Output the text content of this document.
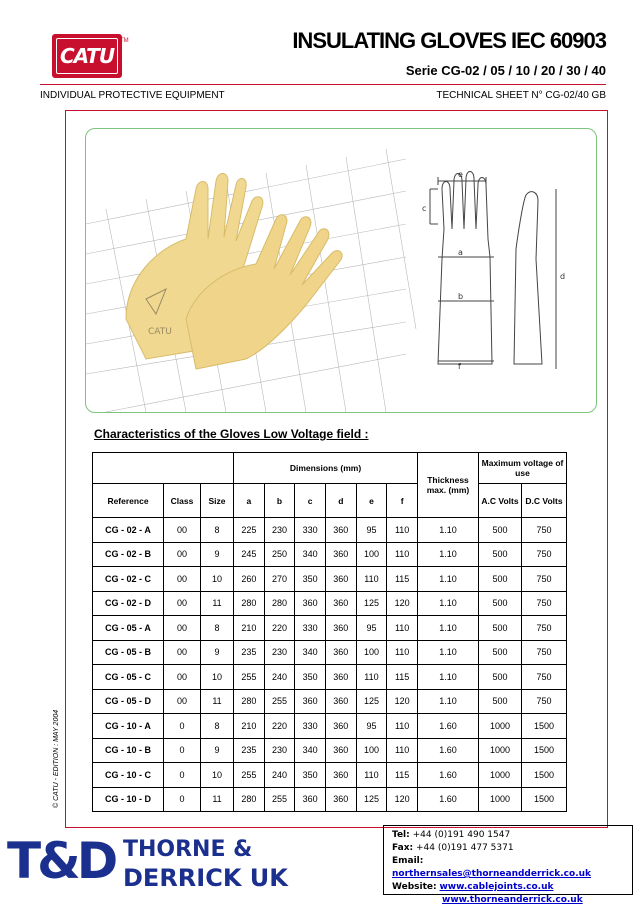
CATU
TM	INSULATING GLOVES IEC 60903
Serie CG-02 / 05 / 10 / 20 / 30 / 40
INDIVIDUAL PROTECTIVE EQUIPMENT	TECHNICAL SHEET N° CG-02/40 GB
© CATU - EDITION : MAY 2004
CATU
e
c
a
b
f
d
Characteristics of the Gloves Low Voltage field :
			Dimensions (mm)						Thickness max. (mm)	Maximum voltage of use	
Reference	Class	Size	a	b	c	d	e	f		A.C Volts	D.C Volts
CG - 02 - A	00	8	225	230	330	360	95	110	1.10	500	750
CG - 02 - B	00	9	245	250	340	360	100	110	1.10	500	750
CG - 02 - C	00	10	260	270	350	360	110	115	1.10	500	750
CG - 02 - D	00	11	280	280	360	360	125	120	1.10	500	750
CG - 05 - A	00	8	210	220	330	360	95	110	1.10	500	750
CG - 05 - B	00	9	235	230	340	360	100	110	1.10	500	750
CG - 05 - C	00	10	255	240	350	360	110	115	1.10	500	750
CG - 05 - D	00	11	280	255	360	360	125	120	1.10	500	750
CG - 10 - A	0	8	210	220	330	360	95	110	1.60	1000	1500
CG - 10 - B	0	9	235	230	340	360	100	110	1.60	1000	1500
CG - 10 - C	0	10	255	240	350	360	110	115	1.60	1000	1500
CG - 10 - D	0	11	280	255	360	360	125	120	1.60	1000	1500
T&D THORNE &
DERRICK UK
Tel: +44 (0)191 490 1547
Fax: +44 (0)191 477 5371
Email: northernsales@thorneandderrick.co.uk
Website: www.cablejoints.co.uk
www.thorneanderrick.co.uk
